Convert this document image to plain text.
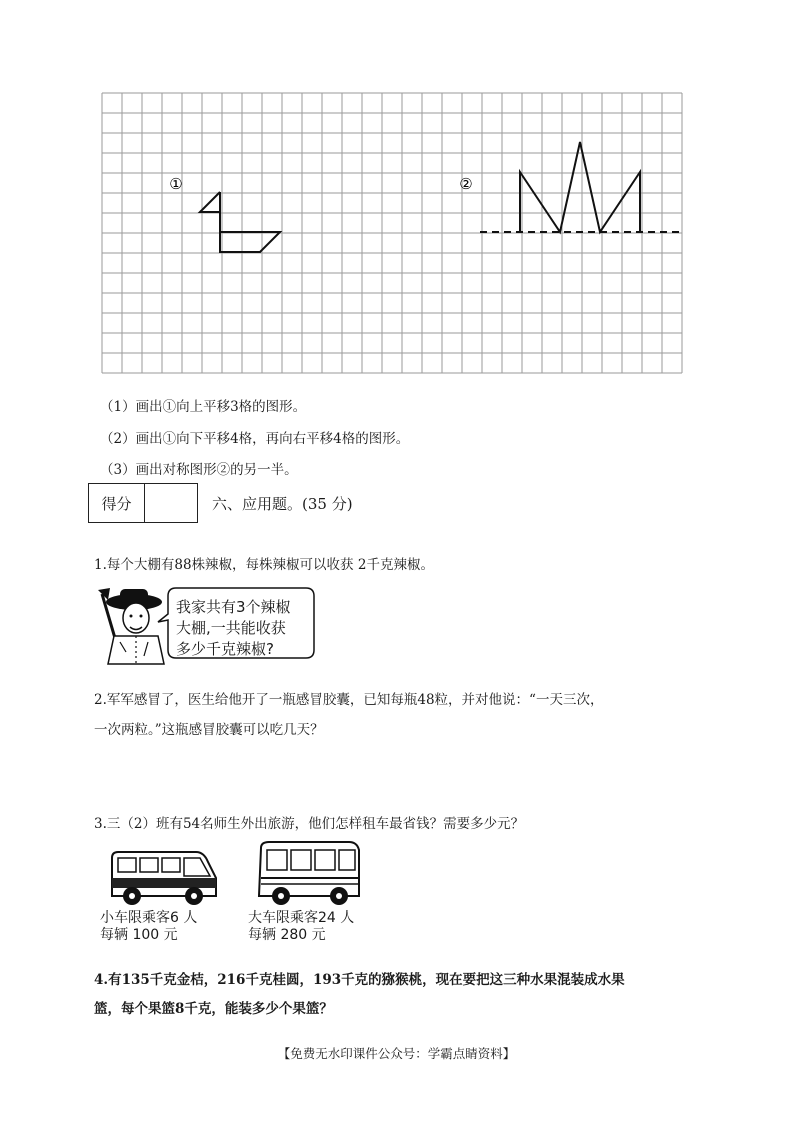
①	②
（1）画出①向上平移3格的图形。
（2）画出①向下平移4格，再向右平移4格的图形。
（3）画出对称图形②的另一半。
得分	六、应用题。(35 分)
1.每个大棚有88株辣椒，每株辣椒可以收获 2千克辣椒。
我家共有3个辣椒
大棚,一共能收获
多少千克辣椒?
2.军军感冒了，医生给他开了一瓶感冒胶囊，已知每瓶48粒，并对他说：“一天三次，
一次两粒。”这瓶感冒胶囊可以吃几天？
3.三（2）班有54名师生外出旅游，他们怎样租车最省钱？需要多少元？
小车限乘客6 人
每辆 100 元
大车限乘客24 人
每辆 280 元
4.有135千克金桔，216千克桂圆，193千克的猕猴桃，现在要把这三种水果混装成水果
篮，每个果篮8千克，能装多少个果篮？
【免费无水印课件公众号：学霸点睛资料】
